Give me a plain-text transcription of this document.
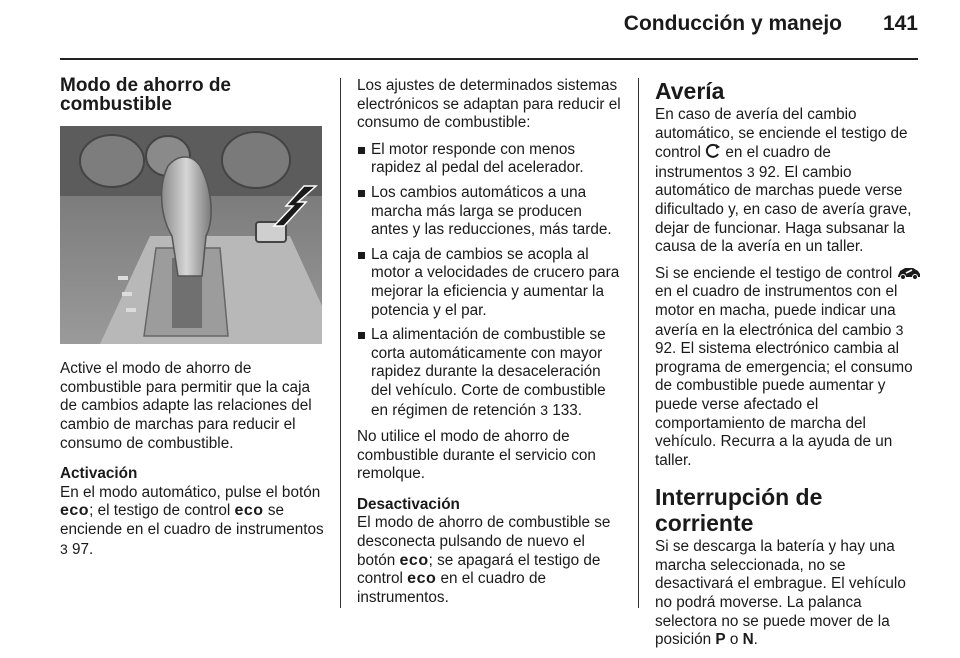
Conducción y manejo 141
Modo de ahorro de combustible

Active el modo de ahorro de combustible para permitir que la caja de cambios adapte las relaciones del cambio de marchas para reducir el consumo de combustible.

Activación

En el modo automático, pulse el botón eco; el testigo de control eco se enciende en el cuadro de instrumentos 3 97.

Los ajustes de determinados sistemas electrónicos se adaptan para reducir el consumo de combustible:

El motor responde con menos rapidez al pedal del acelerador.
Los cambios automáticos a una marcha más larga se producen antes y las reducciones, más tarde.
La caja de cambios se acopla al motor a velocidades de crucero para mejorar la eficiencia y aumentar la potencia y el par.
La alimentación de combustible se corta automáticamente con mayor rapidez durante la desaceleración del vehículo. Corte de combustible en régimen de retención 3 133.

No utilice el modo de ahorro de combustible durante el servicio con remolque.

Desactivación

El modo de ahorro de combustible se desconecta pulsando de nuevo el botón eco; se apagará el testigo de control eco en el cuadro de instrumentos.

Avería

En caso de avería del cambio automático, se enciende el testigo de control en el cuadro de instrumentos 3 92. El cambio automático de marchas puede verse dificultado y, en caso de avería grave, dejar de funcionar. Haga subsanar la causa de la avería en un taller.

Si se enciende el testigo de control  en el cuadro de instrumentos con el motor en macha, puede indicar una avería en la electrónica del cambio 3 92. El sistema electrónico cambia al programa de emergencia; el consumo de combustible puede aumentar y puede verse afectado el comportamiento de marcha del vehículo. Recurra a la ayuda de un taller.

Interrupción de corriente

Si se descarga la batería y hay una marcha seleccionada, no se desactivará el embrague. El vehículo no podrá moverse. La palanca selectora no se puede mover de la posición P o N.
